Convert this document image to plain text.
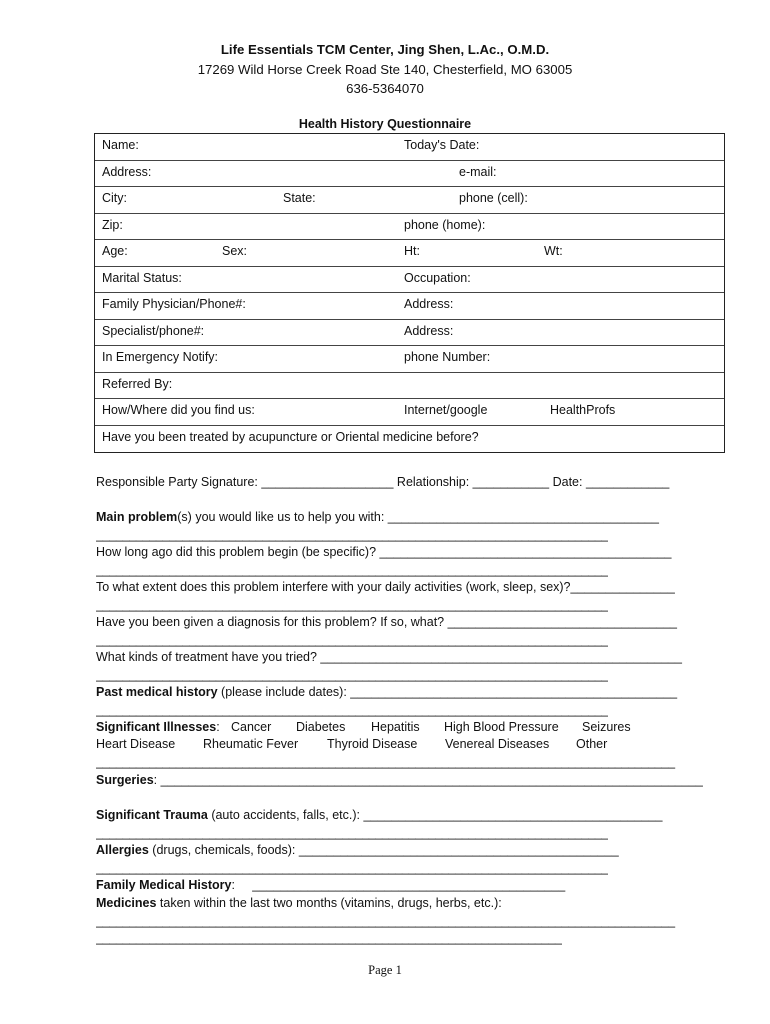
Life Essentials TCM Center, Jing Shen, L.Ac., O.M.D.
17269 Wild Horse Creek Road Ste 140, Chesterfield, MO 63005
636-5364070
Health History Questionnaire
Name:	Today's Date:
Address:	e-mail:
City:	State:	phone (cell):
Zip:	phone (home):
Age:	Sex:	Ht:	Wt:
Marital Status:	Occupation:
Family Physician/Phone#:	Address:
Specialist/phone#:	Address:
In Emergency Notify:	phone Number:
Referred By:
How/Where did you find us:	Internet/google	HealthProfs
Have you been treated by acupuncture or Oriental medicine before?
Responsible Party Signature: ___________________ Relationship: ___________ Date: ____________
Main problem(s) you would like us to help you with: _______________________________________
_____________________________________________________________________________
How long ago did this problem begin (be specific)? __________________________________________
_____________________________________________________________________________
To what extent does this problem interfere with your daily activities (work, sleep, sex)?_______________
_____________________________________________________________________________
Have you been given a diagnosis for this problem? If so, what? _________________________________
_____________________________________________________________________________
What kinds of treatment have you tried? ____________________________________________________
_____________________________________________________________________________
Past medical history (please include dates): _______________________________________________
_____________________________________________________________________________
Significant Illnesses: Cancer Diabetes Hepatitis High Blood Pressure Seizures
Heart Disease Rheumatic Fever Thyroid Disease Venereal Diseases Other
_______________________________________________________________________________________
Surgeries: ______________________________________________________________________________
Significant Trauma (auto accidents, falls, etc.): ___________________________________________
_____________________________________________________________________________
Allergies (drugs, chemicals, foods): ______________________________________________
_____________________________________________________________________________
Family Medical History:     _____________________________________________
Medicines taken within the last two months (vitamins, drugs, herbs, etc.):
_______________________________________________________________________________________
______________________________________________________________________
Page 1
